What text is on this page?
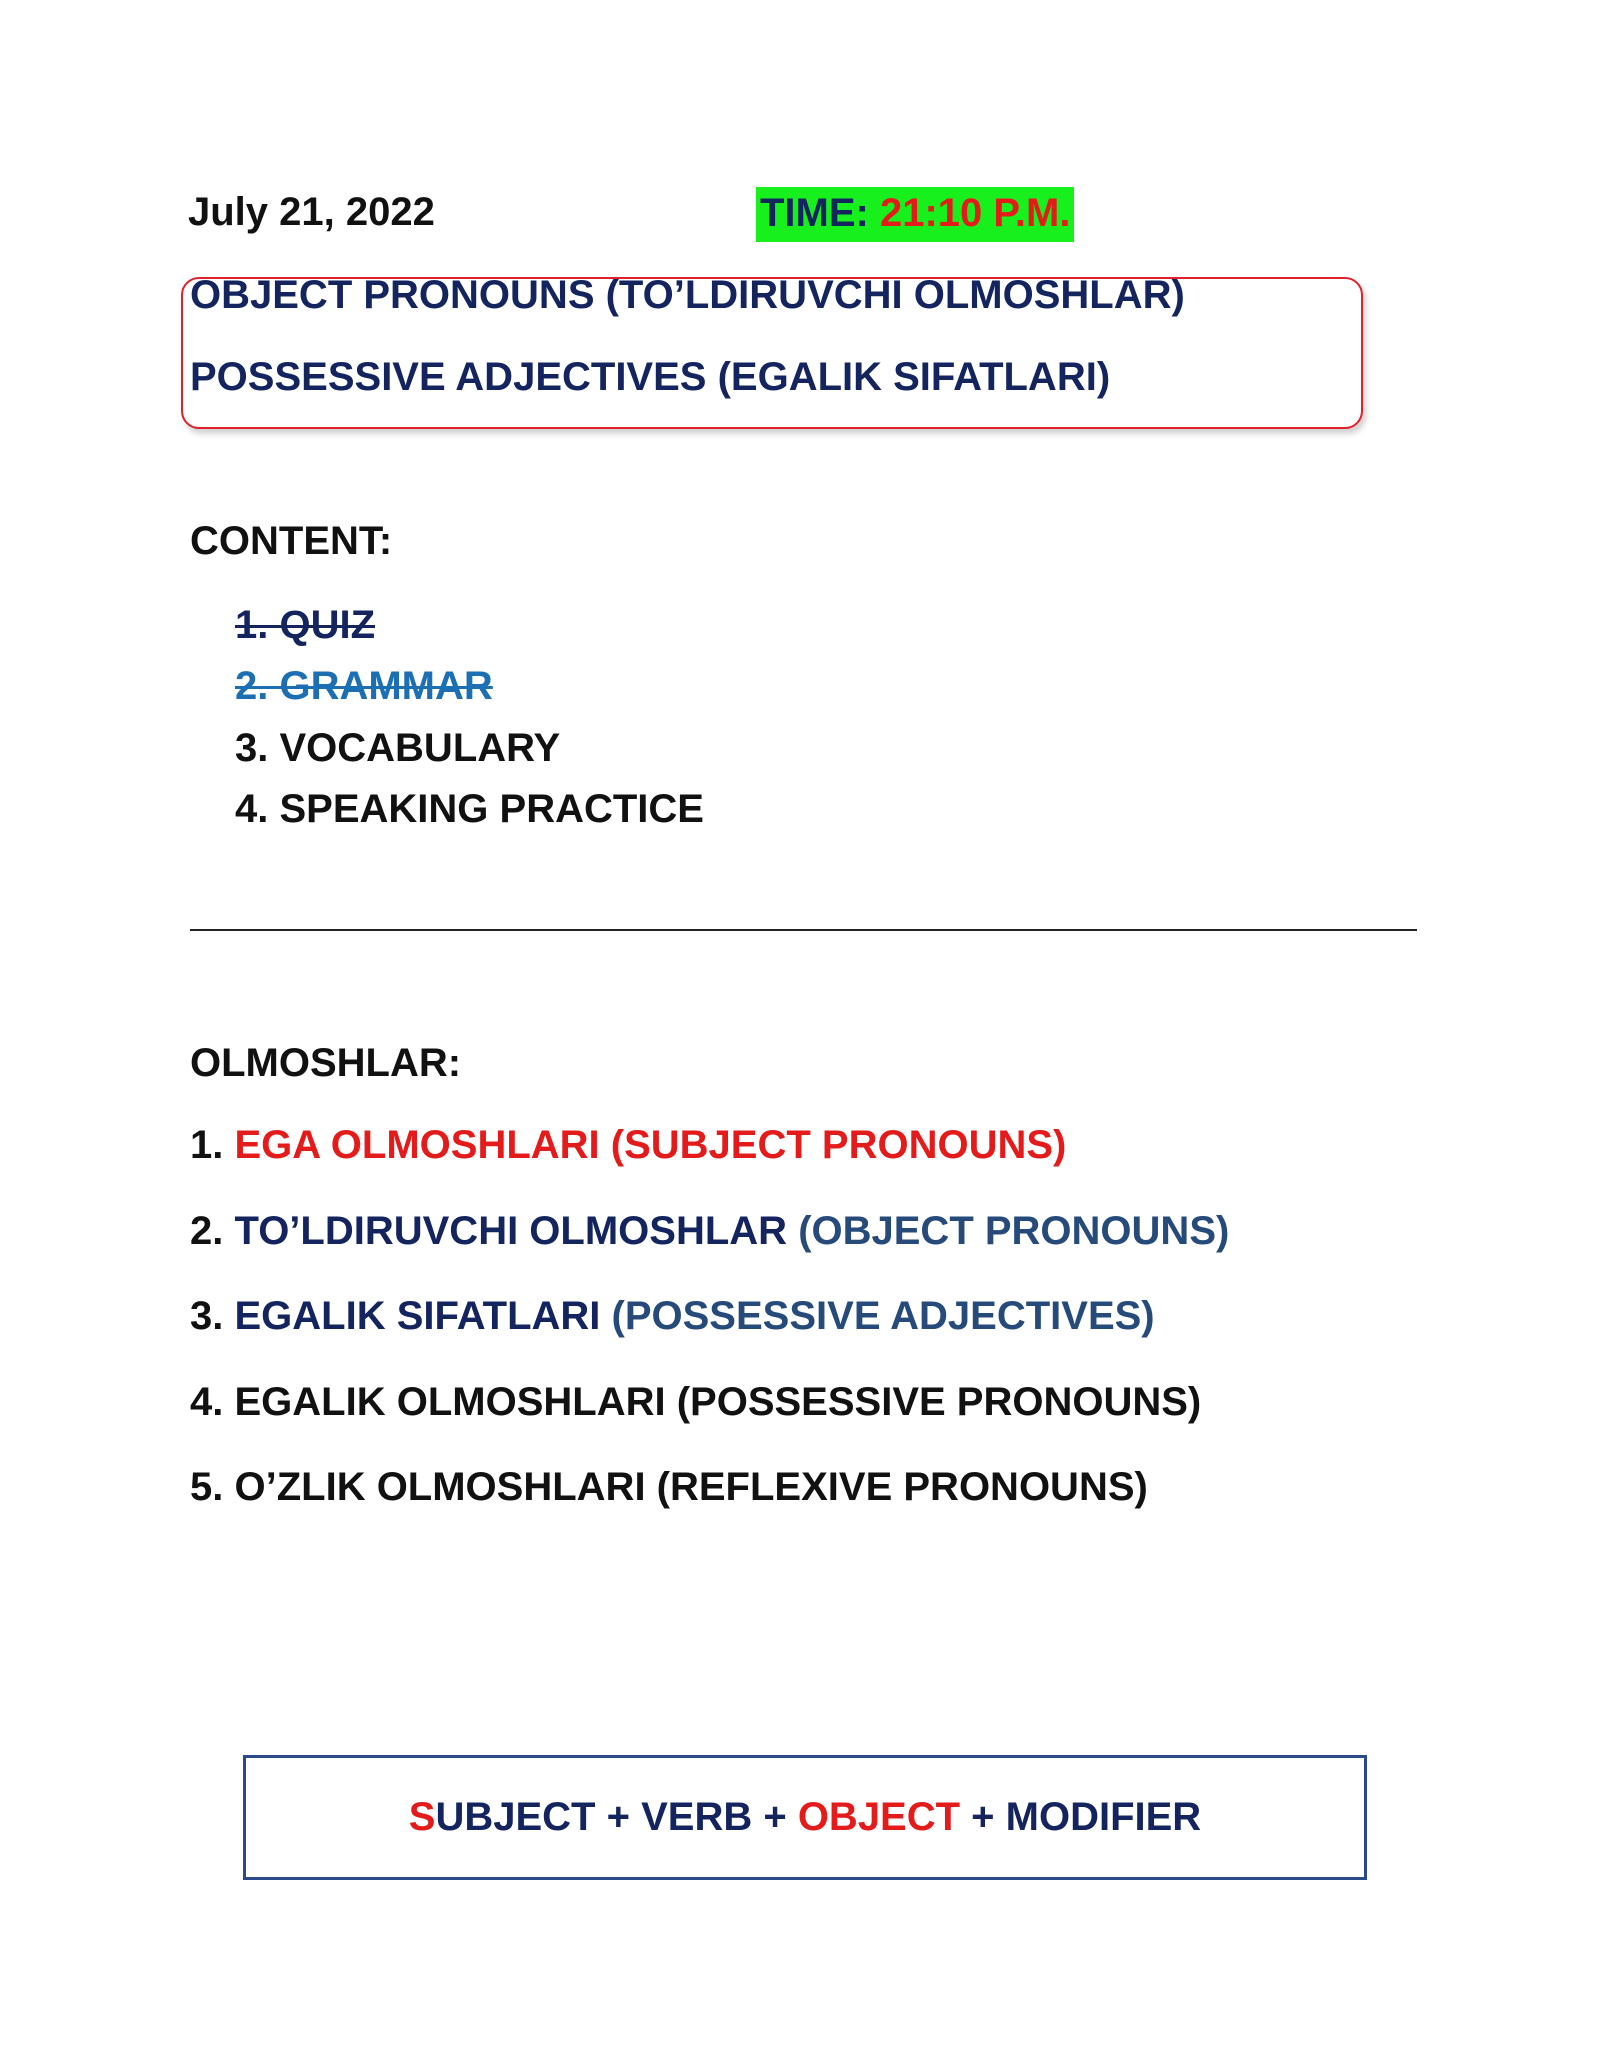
July 21, 2022	TIME: 21:10 P.M.
OBJECT PRONOUNS (TO’LDIRUVCHI OLMOSHLAR)
POSSESSIVE ADJECTIVES (EGALIK SIFATLARI)
CONTENT:
1. QUIZ
2. GRAMMAR
3. VOCABULARY
4. SPEAKING PRACTICE
OLMOSHLAR:
1. EGA OLMOSHLARI (SUBJECT PRONOUNS)
2. TO’LDIRUVCHI OLMOSHLAR (OBJECT PRONOUNS)
3. EGALIK SIFATLARI (POSSESSIVE ADJECTIVES)
4. EGALIK OLMOSHLARI (POSSESSIVE PRONOUNS)
5. O’ZLIK OLMOSHLARI (REFLEXIVE PRONOUNS)
SUBJECT + VERB + OBJECT + MODIFIER
